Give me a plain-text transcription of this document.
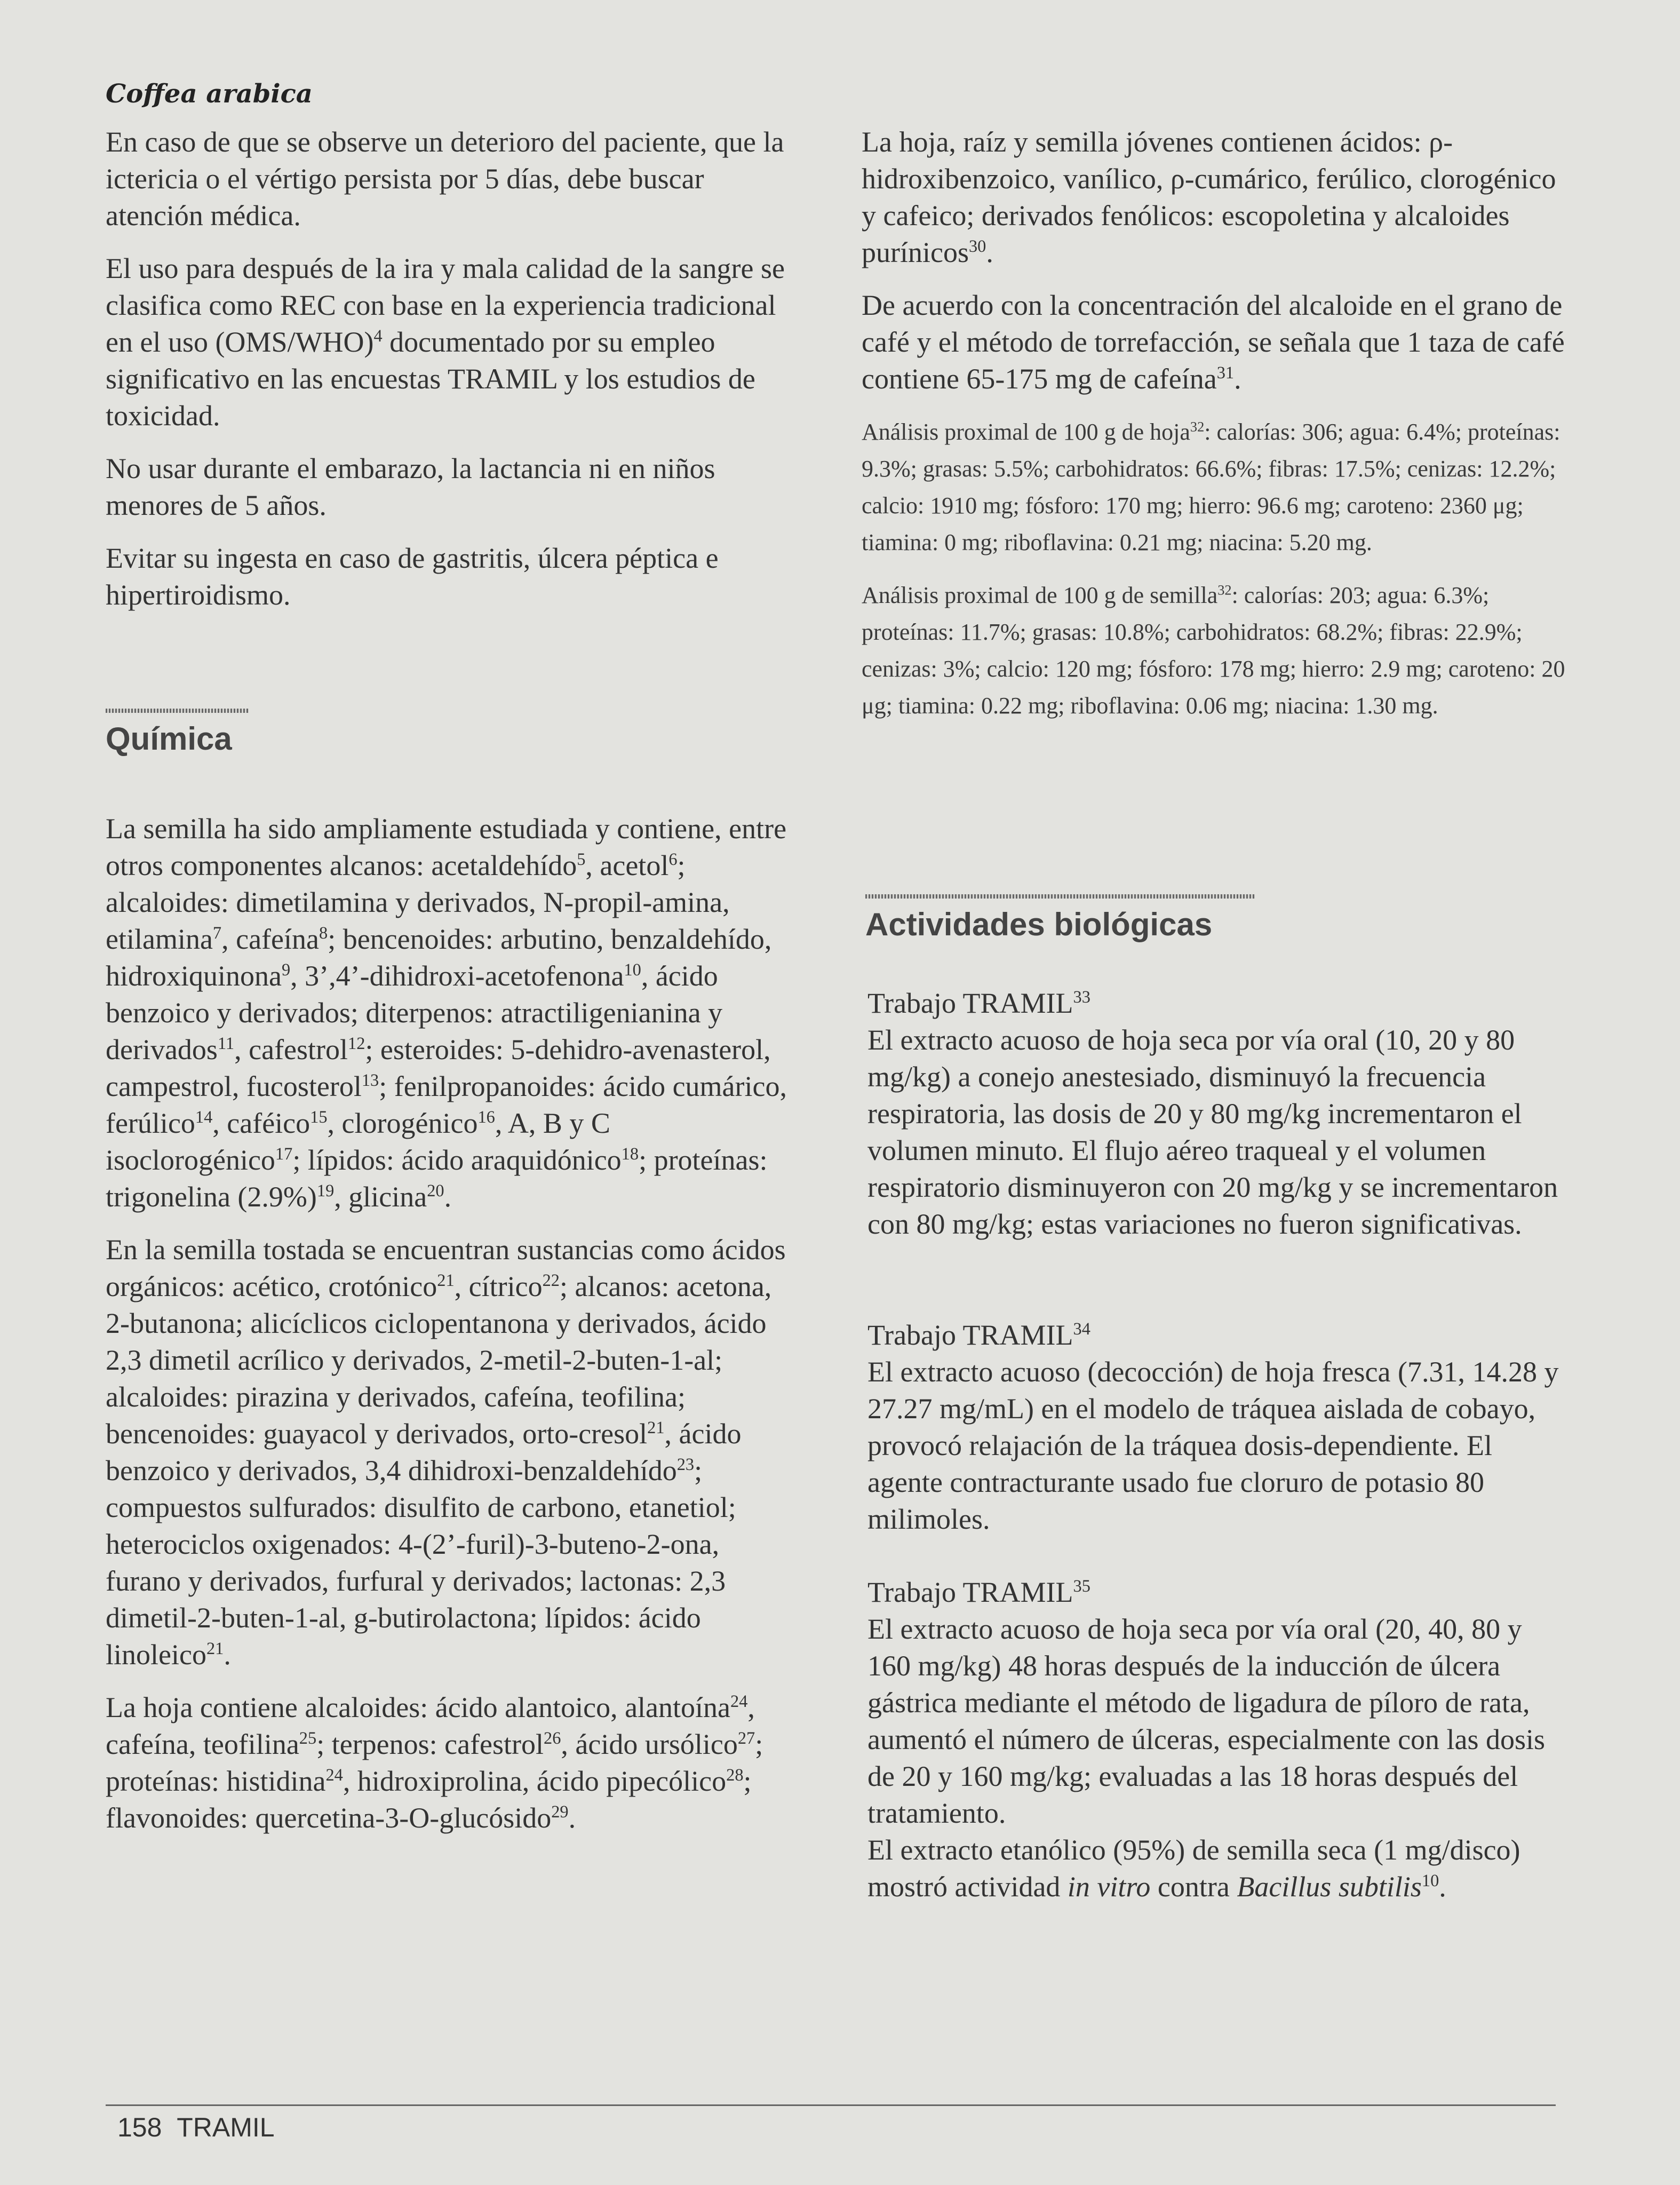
Coffea arabica

En caso de que se observe un deterioro del paciente, que la ictericia o el vértigo persista por 5 días, debe buscar atención médica.

El uso para después de la ira y mala calidad de la sangre se clasifica como REC con base en la experiencia tradicional en el uso $(OMS/WHO)^4$ documentado por su empleo significativo en las encuestas TRAMIL y los estudios de toxicidad.

No usar durante el embarazo, la lactancia ni en niños menores de 5 años.

Evitar su ingesta en caso de gastritis, úlcera péptica e hipertiroidismo.

Química

La semilla ha sido ampliamente estudiada y contiene, entre otros componentes alcanos: acetaldehído$^5$, acetol$^6$; alcaloides: dimetilamina y derivados, N-propil-amina, etilamina$^7$, cafeína$^8$; bencenoides: arbutino, benzaldehído, hidroxiquinona$^9$, 3’,4’-dihidroxi-acetofenona$^{10}$, ácido benzoico y derivados; diterpenos: atractiligenianina y derivados$^{11}$, cafestrol$^{12}$; esteroides: 5-dehidro-avenasterol, campestrol, fucosterol$^{13}$; fenilpropanoides: ácido cumárico, ferúlico$^{14}$, caféico$^{15}$, clorogénico$^{16}$, A, B y C isoclorogénico$^{17}$; lípidos: ácido araquidónico$^{18}$; proteínas: trigonelina $(2.9\%)^{19}$, glicina$^{20}$.

En la semilla tostada se encuentran sustancias como ácidos orgánicos: acético, crotónico$^{21}$, cítrico$^{22}$; alcanos: acetona, 2-butanona; alicíclicos ciclopentanona y derivados, ácido 2,3 dimetil acrílico y derivados, 2-metil-2-buten-1-al; alcaloides: pirazina y derivados, cafeína, teofilina; bencenoides: guayacol y derivados, orto-cresol$^{21}$, ácido benzoico y derivados, 3,4 dihidroxi-benzaldehído$^{23}$; compuestos sulfurados: disulfito de carbono, etanetiol; heterociclos oxigenados: 4-(2’-furil)-3-buteno-2-ona, furano y derivados, furfural y derivados; lactonas: 2,3 dimetil-2-buten-1-al, g-butirolactona; lípidos: ácido linoleico$^{21}$.

La hoja contiene alcaloides: ácido alantoico, alantoína$^{24}$, cafeína, teofilina$^{25}$; terpenos: cafestrol$^{26}$, ácido ursólico$^{27}$; proteínas: histidina$^{24}$, hidroxiprolina, ácido pipecólico$^{28}$; flavonoides: quercetina-3-O-glucósido$^{29}$.

La hoja, raíz y semilla jóvenes contienen ácidos: ρ-hidroxibenzoico, vanílico, ρ-cumárico, ferúlico, clorogénico y cafeico; derivados fenólicos: escopoletina y alcaloides purínicos$^{30}$.

De acuerdo con la concentración del alcaloide en el grano de café y el método de torrefacción, se señala que 1 taza de café contiene 65-175 mg de cafeína$^{31}$.

Análisis proximal de 100 g de hoja$^{32}$: calorías: 306; agua: 6.4%; proteínas: 9.3%; grasas: 5.5%; carbohidratos: 66.6%; fibras: 17.5%; cenizas: 12.2%; calcio: 1910 mg; fósforo: 170 mg; hierro: 96.6 mg; caroteno: 2360 μg; tiamina: 0 mg; riboflavina: 0.21 mg; niacina: 5.20 mg.

Análisis proximal de 100 g de semilla$^{32}$: calorías: 203; agua: 6.3%; proteínas: 11.7%; grasas: 10.8%; carbohidratos: 68.2%; fibras: 22.9%; cenizas: 3%; calcio: 120 mg; fósforo: 178 mg; hierro: 2.9 mg; caroteno: 20 μg; tiamina: 0.22 mg; riboflavina: 0.06 mg; niacina: 1.30 mg.

Actividades biológicas

Trabajo TRAMIL$^{33}$

El extracto acuoso de hoja seca por vía oral (10, 20 y 80 mg/kg) a conejo anestesiado, disminuyó la frecuencia respiratoria, las dosis de 20 y 80 mg/kg incrementaron el volumen minuto. El flujo aéreo traqueal y el volumen respiratorio disminuyeron con 20 mg/kg y se incrementaron con 80 mg/kg; estas variaciones no fueron significativas.

Trabajo TRAMIL$^{34}$

El extracto acuoso (decocción) de hoja fresca (7.31, 14.28 y 27.27 mg/mL) en el modelo de tráquea aislada de cobayo, provocó relajación de la tráquea dosis-dependiente. El agente contracturante usado fue cloruro de potasio 80 milimoles.

Trabajo TRAMIL$^{35}$

El extracto acuoso de hoja seca por vía oral (20, 40, 80 y 160 mg/kg) 48 horas después de la inducción de úlcera gástrica mediante el método de ligadura de píloro de rata, aumentó el número de úlceras, especialmente con las dosis de 20 y 160 mg/kg; evaluadas a las 18 horas después del tratamiento.

El extracto etanólico (95%) de semilla seca (1 mg/disco) mostró actividad in vitro contra Bacillus subtilis$^{10}$.

158 TRAMIL
